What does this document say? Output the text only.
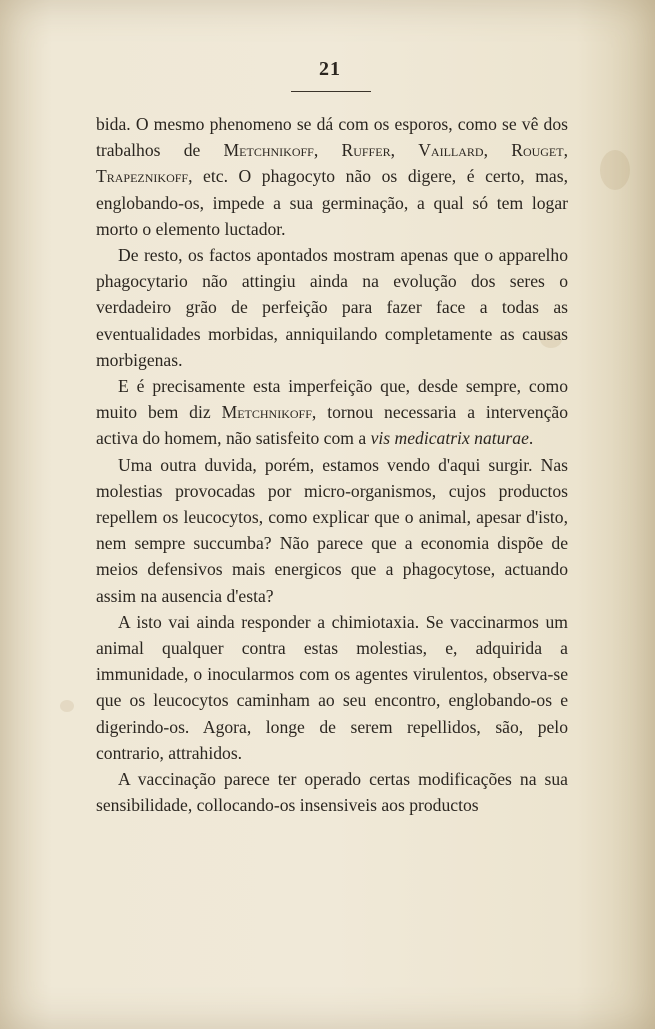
21

bida. O mesmo phenomeno se dá com os esporos, como se vê dos trabalhos de Metchnikoff, Ruffer, Vaillard, Rouget, Trapeznikoff, etc. O phagocyto não os digere, é certo, mas, englobando-os, impede a sua germinação, a qual só tem logar morto o elemento luctador.

De resto, os factos apontados mostram apenas que o apparelho phagocytario não attingiu ainda na evolução dos seres o verdadeiro grão de perfeição para fazer face a todas as eventualidades morbidas, anniquilando completamente as causas morbigenas.

E é precisamente esta imperfeição que, desde sempre, como muito bem diz Metchnikoff, tornou necessaria a intervenção activa do homem, não satisfeito com a vis medicatrix naturae.

Uma outra duvida, porém, estamos vendo d'aqui surgir. Nas molestias provocadas por micro-organismos, cujos productos repellem os leucocytos, como explicar que o animal, apesar d'isto, nem sempre succumba? Não parece que a economia dispõe de meios defensivos mais energicos que a phagocytose, actuando assim na ausencia d'esta?

A isto vai ainda responder a chimiotaxia. Se vaccinarmos um animal qualquer contra estas molestias, e, adquirida a immunidade, o inocularmos com os agentes virulentos, observa-se que os leucocytos caminham ao seu encontro, englobando-os e digerindo-os. Agora, longe de serem repellidos, são, pelo contrario, attrahidos.

A vaccinação parece ter operado certas modificações na sua sensibilidade, collocando-os insensiveis aos productos
